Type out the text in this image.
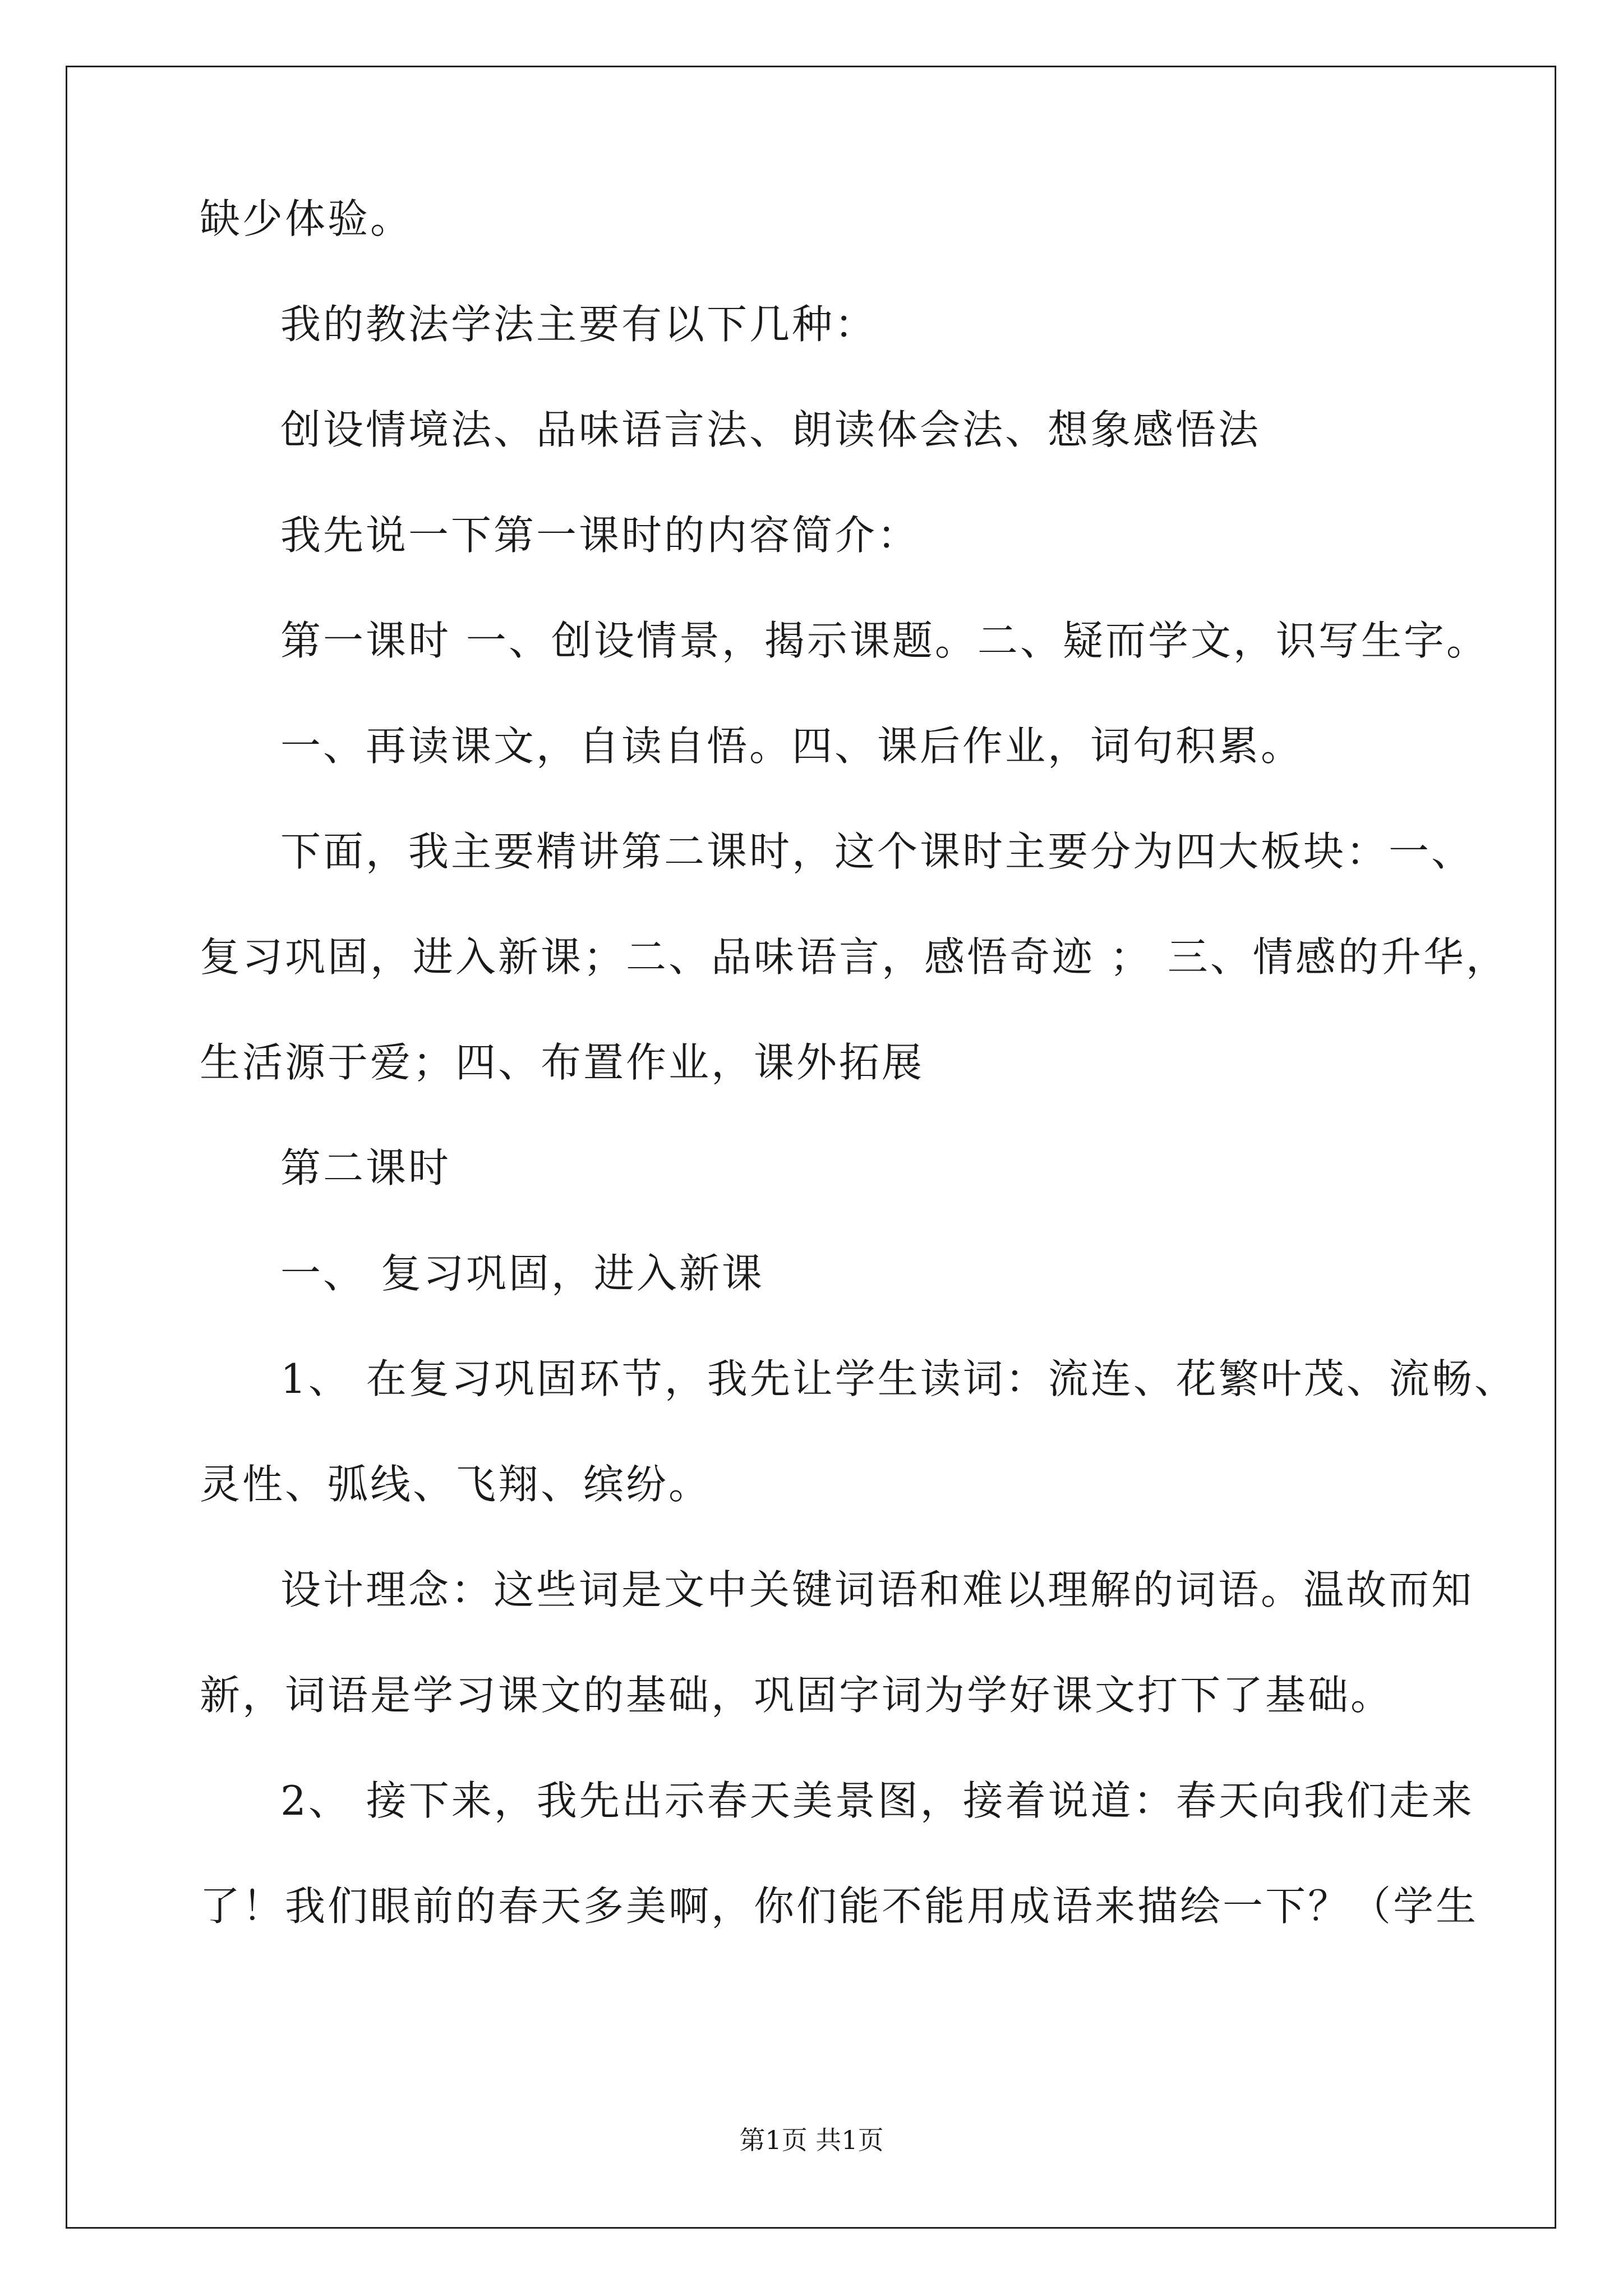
缺少体验。
我的教法学法主要有以下几种：
创设情境法、品味语言法、朗读体会法、想象感悟法
我先说一下第一课时的内容简介：
第一课时 一、创设情景，揭示课题。二、疑而学文，识写生字。
一、再读课文，自读自悟。四、课后作业，词句积累。
下面，我主要精讲第二课时，这个课时主要分为四大板块：一、
复习巩固，进入新课；二、品味语言，感悟奇迹 ； 三、情感的升华，
生活源于爱；四、布置作业，课外拓展
第二课时
一、 复习巩固，进入新课
1、 在复习巩固环节，我先让学生读词：流连、花繁叶茂、流畅、
灵性、弧线、飞翔、缤纷。
设计理念：这些词是文中关键词语和难以理解的词语。温故而知
新，词语是学习课文的基础，巩固字词为学好课文打下了基础。
2、 接下来，我先出示春天美景图，接着说道：春天向我们走来
了！我们眼前的春天多美啊，你们能不能用成语来描绘一下？（学生
第1页 共1页
